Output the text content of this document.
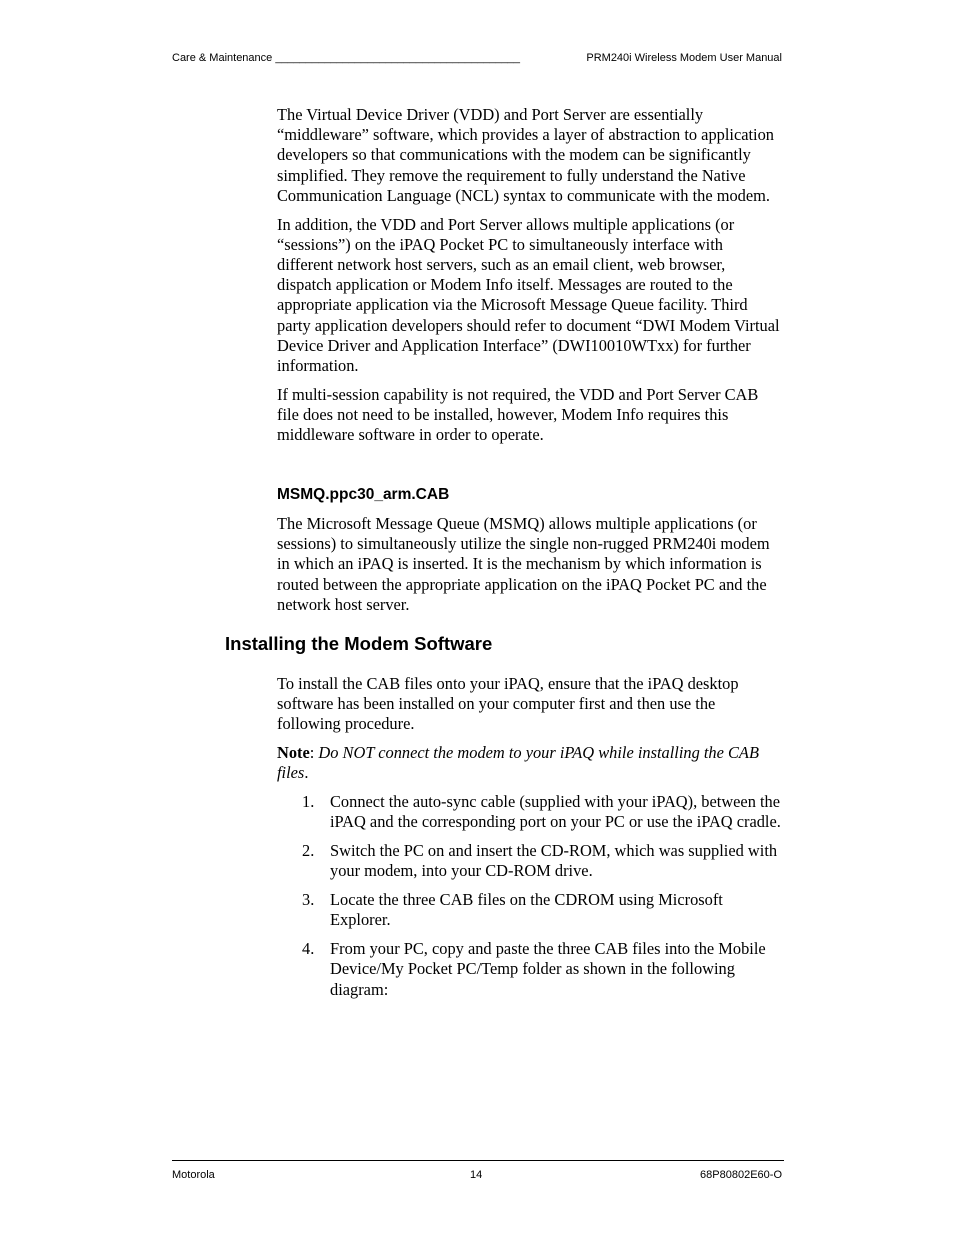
Care & Maintenance ________________________________________	PRM240i Wireless Modem User Manual

The Virtual Device Driver (VDD) and Port Server are essentially “middleware” software, which provides a layer of abstraction to application developers so that communications with the modem can be significantly simplified. They remove the requirement to fully understand the Native Communication Language (NCL) syntax to communicate with the modem.

In addition, the VDD and Port Server allows multiple applications (or “sessions”) on the iPAQ Pocket PC to simultaneously interface with different network host servers, such as an email client, web browser, dispatch application or Modem Info itself. Messages are routed to the appropriate application via the Microsoft Message Queue facility. Third party application developers should refer to document “DWI Modem Virtual Device Driver and Application Interface” (DWI10010WTxx) for further information.

If multi-session capability is not required, the VDD and Port Server CAB file does not need to be installed, however, Modem Info requires this middleware software in order to operate.

MSMQ.ppc30_arm.CAB

The Microsoft Message Queue (MSMQ) allows multiple applications (or sessions) to simultaneously utilize the single non-rugged PRM240i modem in which an iPAQ is inserted. It is the mechanism by which information is routed between the appropriate application on the iPAQ Pocket PC and the network host server.

Installing the Modem Software

To install the CAB files onto your iPAQ, ensure that the iPAQ desktop software has been installed on your computer first and then use the following procedure.

Note: Do NOT connect the modem to your iPAQ while installing the CAB files.

1. Connect the auto-sync cable (supplied with your iPAQ), between the iPAQ and the corresponding port on your PC or use the iPAQ cradle.
2. Switch the PC on and insert the CD-ROM, which was supplied with your modem, into your CD-ROM drive.
3. Locate the three CAB files on the CDROM using Microsoft Explorer.
4. From your PC, copy and paste the three CAB files into the Mobile Device/My Pocket PC/Temp folder as shown in the following diagram:
Motorola	14	68P80802E60-O
